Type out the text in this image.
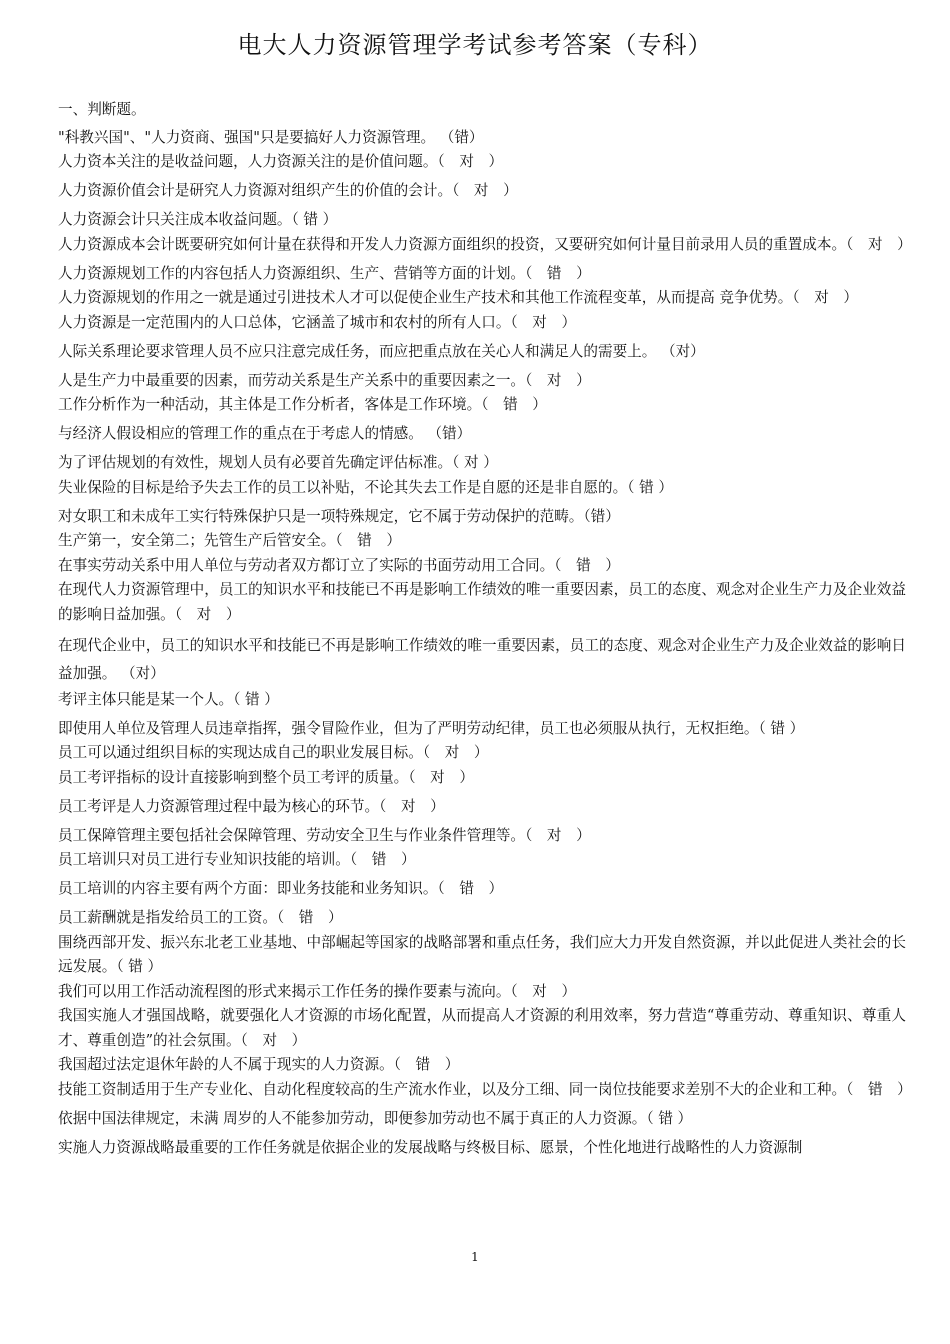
电大人力资源管理学考试参考答案（专科）

一、判断题。

"科教兴国"、"人力资商、强国"只是要搞好人力资源管理。 （错）

人力资本关注的是收益问题，人力资源关注的是价值问题。（　对　）

人力资源价值会计是研究人力资源对组织产生的价值的会计。（　对　）

人力资源会计只关注成本收益问题。（ 错 ）

人力资源成本会计既要研究如何计量在获得和开发人力资源方面组织的投资，又要研究如何计量目前录用人员的重置成本。（　对　）

人力资源规划工作的内容包括人力资源组织、生产、营销等方面的计划。（　错　）

人力资源规划的作用之一就是通过引进技术人才可以促使企业生产技术和其他工作流程变革，从而提高 竞争优势。（　对　）

人力资源是一定范围内的人口总体，它涵盖了城市和农村的所有人口。（　对　）

人际关系理论要求管理人员不应只注意完成任务，而应把重点放在关心人和满足人的需要上。 （对）

人是生产力中最重要的因素，而劳动关系是生产关系中的重要因素之一。（　对　）

工作分析作为一种活动，其主体是工作分析者，客体是工作环境。（　错　）

与经济人假设相应的管理工作的重点在于考虑人的情感。 （错）

为了评估规划的有效性，规划人员有必要首先确定评估标准。（ 对 ）

失业保险的目标是给予失去工作的员工以补贴，不论其失去工作是自愿的还是非自愿的。（ 错 ）

对女职工和未成年工实行特殊保护只是一项特殊规定，它不属于劳动保护的范畴。（错）

生产第一，安全第二；先管生产后管安全。（　错　）

在事实劳动关系中用人单位与劳动者双方都订立了实际的书面劳动用工合同。（　错　）

在现代人力资源管理中，员工的知识水平和技能已不再是影响工作绩效的唯一重要因素，员工的态度、观念对企业生产力及企业效益的影响日益加强。（　对　）

在现代企业中，员工的知识水平和技能已不再是影响工作绩效的唯一重要因素，员工的态度、观念对企业生产力及企业效益的影响日益加强。 （对）

考评主体只能是某一个人。（ 错 ）

即使用人单位及管理人员违章指挥，强令冒险作业，但为了严明劳动纪律，员工也必须服从执行，无权拒绝。（ 错 ）

员工可以通过组织目标的实现达成自己的职业发展目标。（　对　）

员工考评指标的设计直接影响到整个员工考评的质量。（　对　）

员工考评是人力资源管理过程中最为核心的环节。（　对　）

员工保障管理主要包括社会保障管理、劳动安全卫生与作业条件管理等。（　对　）

员工培训只对员工进行专业知识技能的培训。（　错　）

员工培训的内容主要有两个方面：即业务技能和业务知识。（　错　）

员工薪酬就是指发给员工的工资。（　错　）

围绕西部开发、振兴东北老工业基地、中部崛起等国家的战略部署和重点任务，我们应大力开发自然资源，并以此促进人类社会的长远发展。（ 错 ）

我们可以用工作活动流程图的形式来揭示工作任务的操作要素与流向。（　对　）

我国实施人才强国战略，就要强化人才资源的市场化配置，从而提高人才资源的利用效率，努力营造“尊重劳动、尊重知识、尊重人才、尊重创造”的社会氛围。（　对　）

我国超过法定退休年龄的人不属于现实的人力资源。（　错　）

技能工资制适用于生产专业化、自动化程度较高的生产流水作业，以及分工细、同一岗位技能要求差别不大的企业和工种。（　错　）

依据中国法律规定，未满 周岁的人不能参加劳动，即便参加劳动也不属于真正的人力资源。（ 错 ）

实施人力资源战略最重要的工作任务就是依据企业的发展战略与终极目标、愿景，个性化地进行战略性的人力资源制

1
